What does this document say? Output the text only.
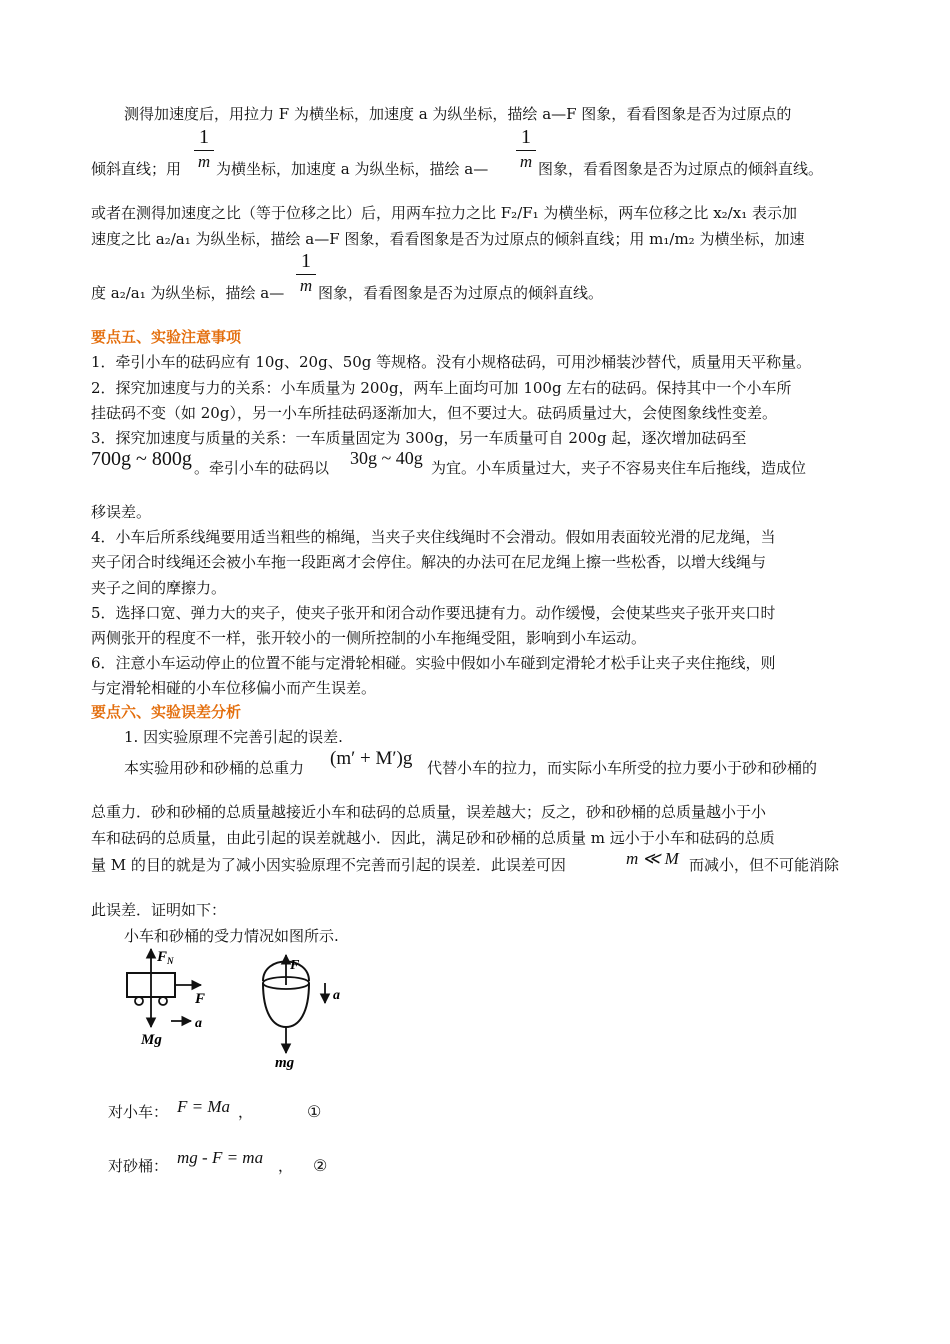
测得加速度后，用拉力 F 为横坐标，加速度 a 为纵坐标，描绘 a—F 图象，看看图象是否为过原点的
1
m
倾斜直线；用 为横坐标，加速度 a 为纵坐标，描绘 a—
1
m 图象，看看图象是否为过原点的倾斜直线。
或者在测得加速度之比（等于位移之比）后，用两车拉力之比 F₂/F₁ 为横坐标，两车位移之比 x₂/x₁ 表示加
速度之比 a₂/a₁ 为纵坐标，描绘 a—F 图象，看看图象是否为过原点的倾斜直线；用 m₁/m₂ 为横坐标，加速
度 a₂/a₁ 为纵坐标，描绘 a—
1
m 图象，看看图象是否为过原点的倾斜直线。
要点五、实验注意事项
1．牵引小车的砝码应有 10g、20g、50g 等规格。没有小规格砝码，可用沙桶装沙替代，质量用天平称量。
2．探究加速度与力的关系：小车质量为 200g，两车上面均可加 100g 左右的砝码。保持其中一个小车所
挂砝码不变（如 20g），另一小车所挂砝码逐渐加大，但不要过大。砝码质量过大，会使图象线性变差。
3．探究加速度与质量的关系：一车质量固定为 300g，另一车质量可自 200g 起，逐次增加砝码至
700g ~ 800g 。牵引小车的砝码以 30g ~ 40g 为宜。小车质量过大，夹子不容易夹住车后拖线，造成位
移误差。
4．小车后所系线绳要用适当粗些的棉绳，当夹子夹住线绳时不会滑动。假如用表面较光滑的尼龙绳，当
夹子闭合时线绳还会被小车拖一段距离才会停住。解决的办法可在尼龙绳上擦一些松香，以增大线绳与
夹子之间的摩擦力。
5．选择口宽、弹力大的夹子，使夹子张开和闭合动作要迅捷有力。动作缓慢，会使某些夹子张开夹口时
两侧张开的程度不一样，张开较小的一侧所控制的小车拖绳受阻，影响到小车运动。
6．注意小车运动停止的位置不能与定滑轮相碰。实验中假如小车碰到定滑轮才松手让夹子夹住拖线，则
与定滑轮相碰的小车位移偏小而产生误差。
要点六、实验误差分析
1. 因实验原理不完善引起的误差.
本实验用砂和砂桶的总重力 (m′ + M′)g 代替小车的拉力，而实际小车所受的拉力要小于砂和砂桶的
总重力．砂和砂桶的总质量越接近小车和砝码的总质量，误差越大；反之，砂和砂桶的总质量越小于小
车和砝码的总质量，由此引起的误差就越小．因此，满足砂和砂桶的总质量 m 远小于小车和砝码的总质
量 M 的目的就是为了减小因实验原理不完善而引起的误差．此误差可因	m ≪ M 而减小，但不可能消除
此误差．证明如下：
小车和砂桶的受力情况如图所示.
$F_N$
F
a
Mg
F
a
mg
对小车： F = Ma ，	①
对砂桶： mg - F = ma ， ②
